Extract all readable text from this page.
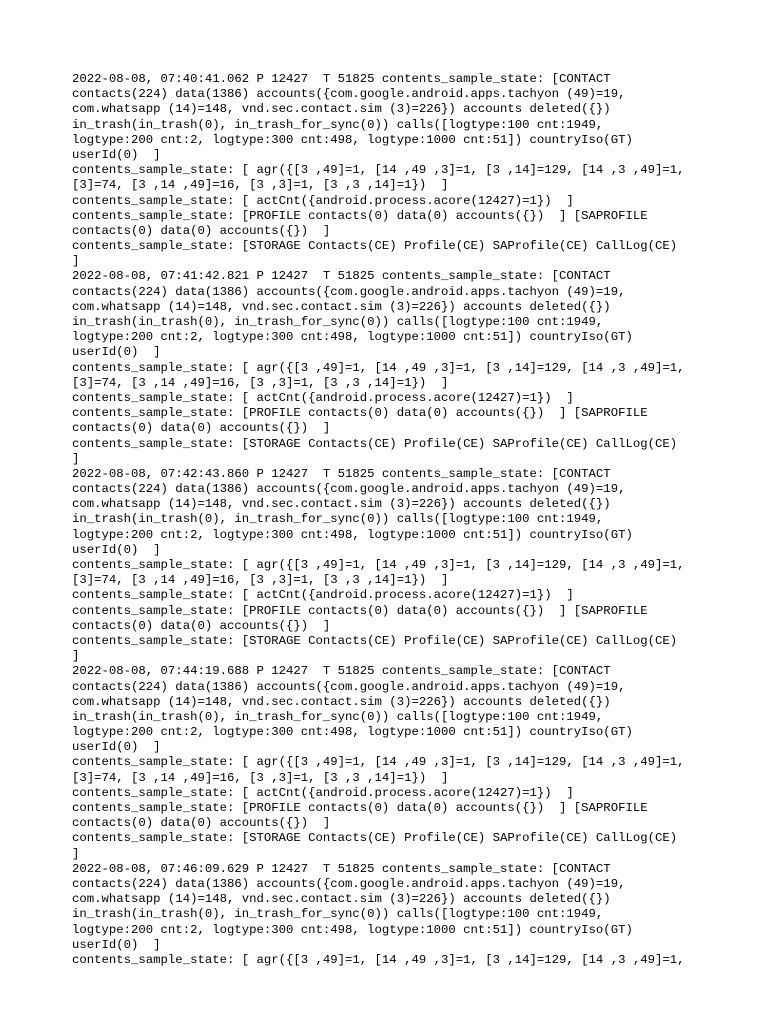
2022-08-08, 07:40:41.062 P 12427  T 51825 contents_sample_state: [CONTACT
contacts(224) data(1386) accounts({com.google.android.apps.tachyon (49)=19,
com.whatsapp (14)=148, vnd.sec.contact.sim (3)=226}) accounts deleted({})
in_trash(in_trash(0), in_trash_for_sync(0)) calls([logtype:100 cnt:1949,
logtype:200 cnt:2, logtype:300 cnt:498, logtype:1000 cnt:51]) countryIso(GT)
userId(0)  ]
contents_sample_state: [ agr({[3 ,49]=1, [14 ,49 ,3]=1, [3 ,14]=129, [14 ,3 ,49]=1,
[3]=74, [3 ,14 ,49]=16, [3 ,3]=1, [3 ,3 ,14]=1})  ]
contents_sample_state: [ actCnt({android.process.acore(12427)=1})  ]
contents_sample_state: [PROFILE contacts(0) data(0) accounts({})  ] [SAPROFILE
contacts(0) data(0) accounts({})  ]
contents_sample_state: [STORAGE Contacts(CE) Profile(CE) SAProfile(CE) CallLog(CE)
]
2022-08-08, 07:41:42.821 P 12427  T 51825 contents_sample_state: [CONTACT
contacts(224) data(1386) accounts({com.google.android.apps.tachyon (49)=19,
com.whatsapp (14)=148, vnd.sec.contact.sim (3)=226}) accounts deleted({})
in_trash(in_trash(0), in_trash_for_sync(0)) calls([logtype:100 cnt:1949,
logtype:200 cnt:2, logtype:300 cnt:498, logtype:1000 cnt:51]) countryIso(GT)
userId(0)  ]
contents_sample_state: [ agr({[3 ,49]=1, [14 ,49 ,3]=1, [3 ,14]=129, [14 ,3 ,49]=1,
[3]=74, [3 ,14 ,49]=16, [3 ,3]=1, [3 ,3 ,14]=1})  ]
contents_sample_state: [ actCnt({android.process.acore(12427)=1})  ]
contents_sample_state: [PROFILE contacts(0) data(0) accounts({})  ] [SAPROFILE
contacts(0) data(0) accounts({})  ]
contents_sample_state: [STORAGE Contacts(CE) Profile(CE) SAProfile(CE) CallLog(CE)
]
2022-08-08, 07:42:43.860 P 12427  T 51825 contents_sample_state: [CONTACT
contacts(224) data(1386) accounts({com.google.android.apps.tachyon (49)=19,
com.whatsapp (14)=148, vnd.sec.contact.sim (3)=226}) accounts deleted({})
in_trash(in_trash(0), in_trash_for_sync(0)) calls([logtype:100 cnt:1949,
logtype:200 cnt:2, logtype:300 cnt:498, logtype:1000 cnt:51]) countryIso(GT)
userId(0)  ]
contents_sample_state: [ agr({[3 ,49]=1, [14 ,49 ,3]=1, [3 ,14]=129, [14 ,3 ,49]=1,
[3]=74, [3 ,14 ,49]=16, [3 ,3]=1, [3 ,3 ,14]=1})  ]
contents_sample_state: [ actCnt({android.process.acore(12427)=1})  ]
contents_sample_state: [PROFILE contacts(0) data(0) accounts({})  ] [SAPROFILE
contacts(0) data(0) accounts({})  ]
contents_sample_state: [STORAGE Contacts(CE) Profile(CE) SAProfile(CE) CallLog(CE)
]
2022-08-08, 07:44:19.688 P 12427  T 51825 contents_sample_state: [CONTACT
contacts(224) data(1386) accounts({com.google.android.apps.tachyon (49)=19,
com.whatsapp (14)=148, vnd.sec.contact.sim (3)=226}) accounts deleted({})
in_trash(in_trash(0), in_trash_for_sync(0)) calls([logtype:100 cnt:1949,
logtype:200 cnt:2, logtype:300 cnt:498, logtype:1000 cnt:51]) countryIso(GT)
userId(0)  ]
contents_sample_state: [ agr({[3 ,49]=1, [14 ,49 ,3]=1, [3 ,14]=129, [14 ,3 ,49]=1,
[3]=74, [3 ,14 ,49]=16, [3 ,3]=1, [3 ,3 ,14]=1})  ]
contents_sample_state: [ actCnt({android.process.acore(12427)=1})  ]
contents_sample_state: [PROFILE contacts(0) data(0) accounts({})  ] [SAPROFILE
contacts(0) data(0) accounts({})  ]
contents_sample_state: [STORAGE Contacts(CE) Profile(CE) SAProfile(CE) CallLog(CE)
]
2022-08-08, 07:46:09.629 P 12427  T 51825 contents_sample_state: [CONTACT
contacts(224) data(1386) accounts({com.google.android.apps.tachyon (49)=19,
com.whatsapp (14)=148, vnd.sec.contact.sim (3)=226}) accounts deleted({})
in_trash(in_trash(0), in_trash_for_sync(0)) calls([logtype:100 cnt:1949,
logtype:200 cnt:2, logtype:300 cnt:498, logtype:1000 cnt:51]) countryIso(GT)
userId(0)  ]
contents_sample_state: [ agr({[3 ,49]=1, [14 ,49 ,3]=1, [3 ,14]=129, [14 ,3 ,49]=1,
